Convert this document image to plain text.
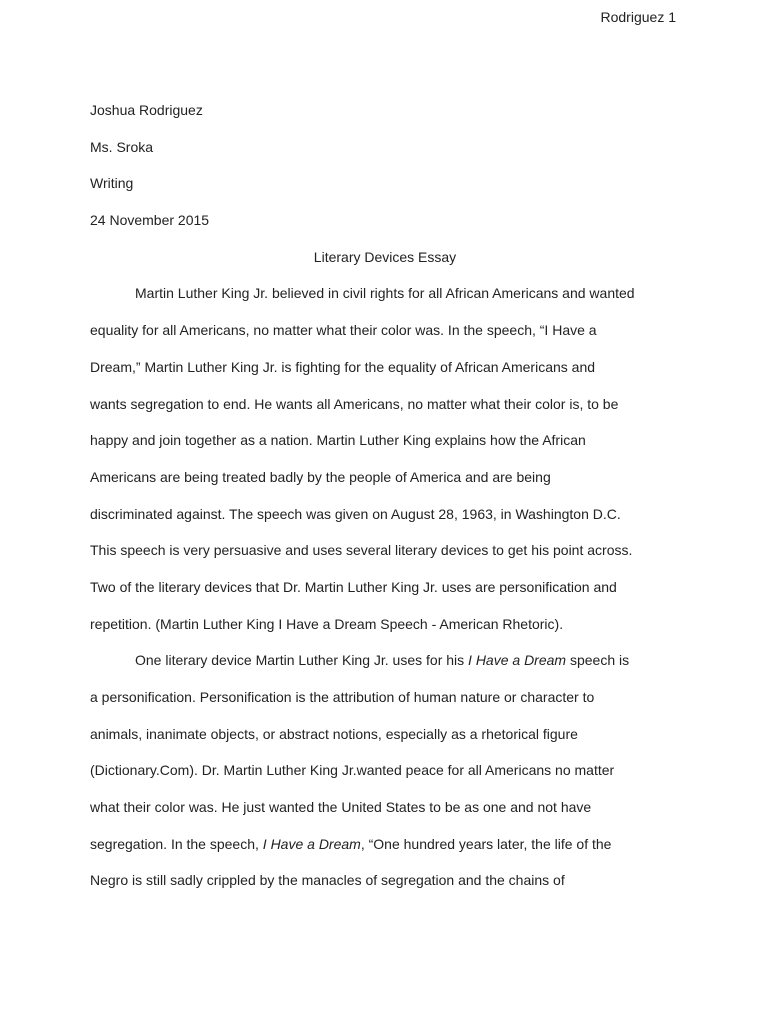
Rodriguez 1
Joshua Rodriguez
Ms. Sroka
Writing
24 November 2015
Literary Devices Essay
Martin Luther King Jr. believed in civil rights for all African Americans and wanted
equality for all Americans, no matter what their color was. In the speech, “I Have a
Dream,” Martin Luther King Jr. is fighting for the equality of African Americans and
wants segregation to end. He wants all Americans, no matter what their color is, to be
happy and join together as a nation. Martin Luther King explains how the African
Americans are being treated badly by the people of America and are being
discriminated against. The speech was given on August 28, 1963, in Washington D.C.
This speech is very persuasive and uses several literary devices to get his point across.
Two of the literary devices that Dr. Martin Luther King Jr. uses are personification and
repetition. (Martin Luther King I Have a Dream Speech - American Rhetoric).
One literary device Martin Luther King Jr. uses for his I Have a Dream speech is
a personification. Personification is the attribution of human nature or character to
animals, inanimate objects, or abstract notions, especially as a rhetorical figure
(Dictionary.Com). Dr. Martin Luther King Jr.wanted peace for all Americans no matter
what their color was. He just wanted the United States to be as one and not have
segregation. In the speech, I Have a Dream, “One hundred years later, the life of the
Negro is still sadly crippled by the manacles of segregation and the chains of
